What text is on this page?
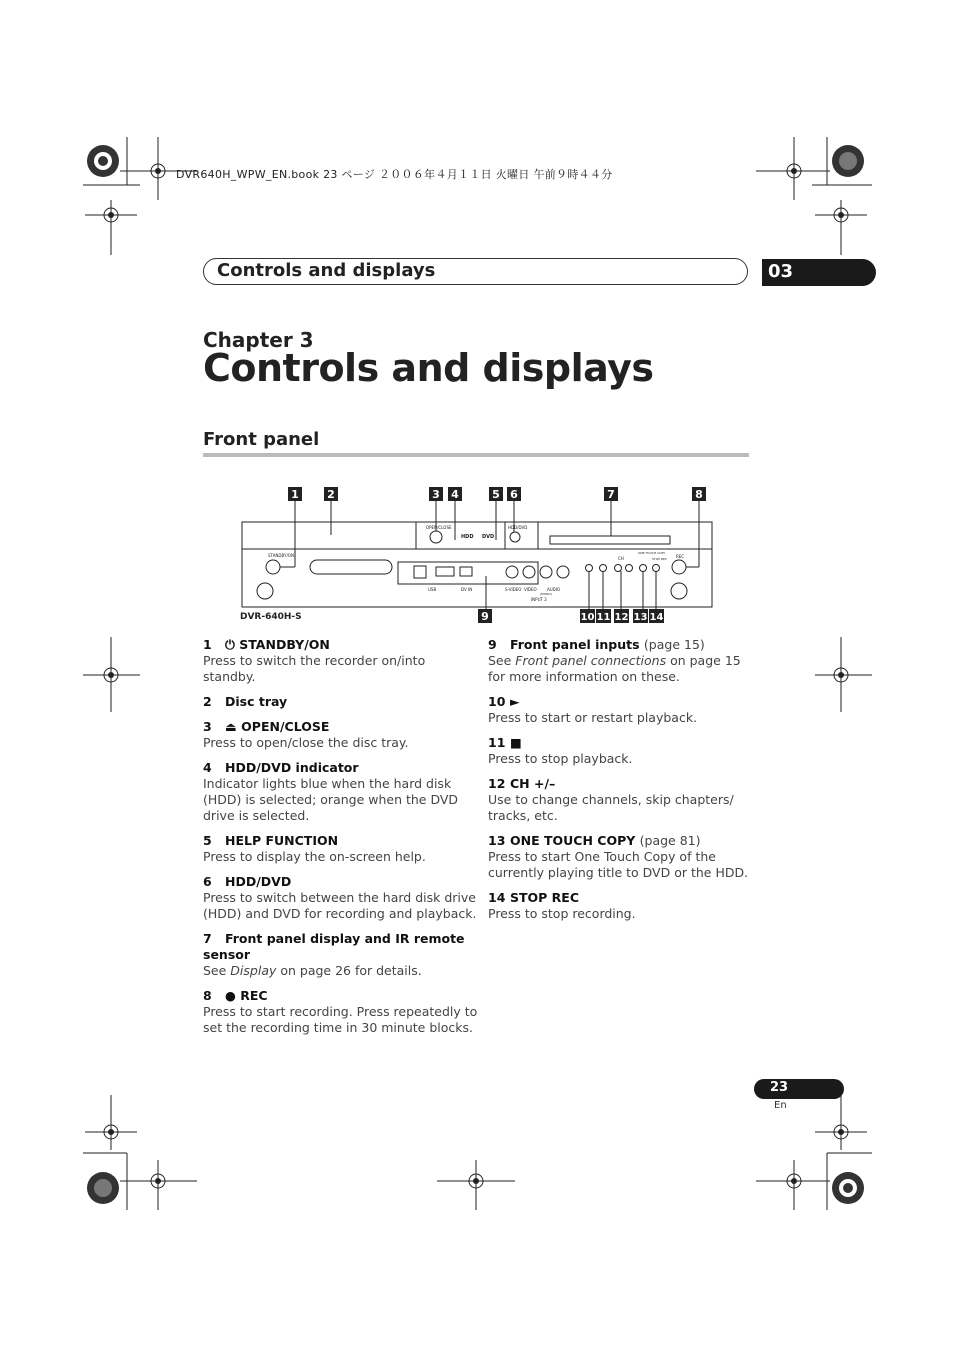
DVR640H_WPW_EN.book 23 ページ ２００６年４月１１日 火曜日 午前９時４４分
Controls and displays	03
Chapter 3
Controls and displays
Front panel
1	2	3 4	5 6	7	8
STANDBY/ON
OPEN/CLOSE
HDD DVD
HDD/DVD
CH
ONE TOUCH COPY
STOP REC REC
USB	DV IN	S-VIDEO VIDEO	AUDIO
(MONO)
INPUT 2
DVR-640H-S	9	10 11 12 13 14
1 ⏻ STANDBY/ON
Press to switch the recorder on/into standby.
2 Disc tray
3 ⏏ OPEN/CLOSE
Press to open/close the disc tray.
4 HDD/DVD indicator
Indicator lights blue when the hard disk (HDD) is selected; orange when the DVD drive is selected.
5 HELP FUNCTION
Press to display the on-screen help.
6 HDD/DVD
Press to switch between the hard disk drive (HDD) and DVD for recording and playback.
7 Front panel display and IR remote sensor
See Display on page 26 for details.
8 ● REC
Press to start recording. Press repeatedly to set the recording time in 30 minute blocks.
9 Front panel inputs (page 15)
See Front panel connections on page 15 for more information on these.
10 ►
Press to start or restart playback.
11 ■
Press to stop playback.
12 CH +/–
Use to change channels, skip chapters/ tracks, etc.
13 ONE TOUCH COPY (page 81)
Press to start One Touch Copy of the currently playing title to DVD or the HDD.
14 STOP REC
Press to stop recording.
23
En
